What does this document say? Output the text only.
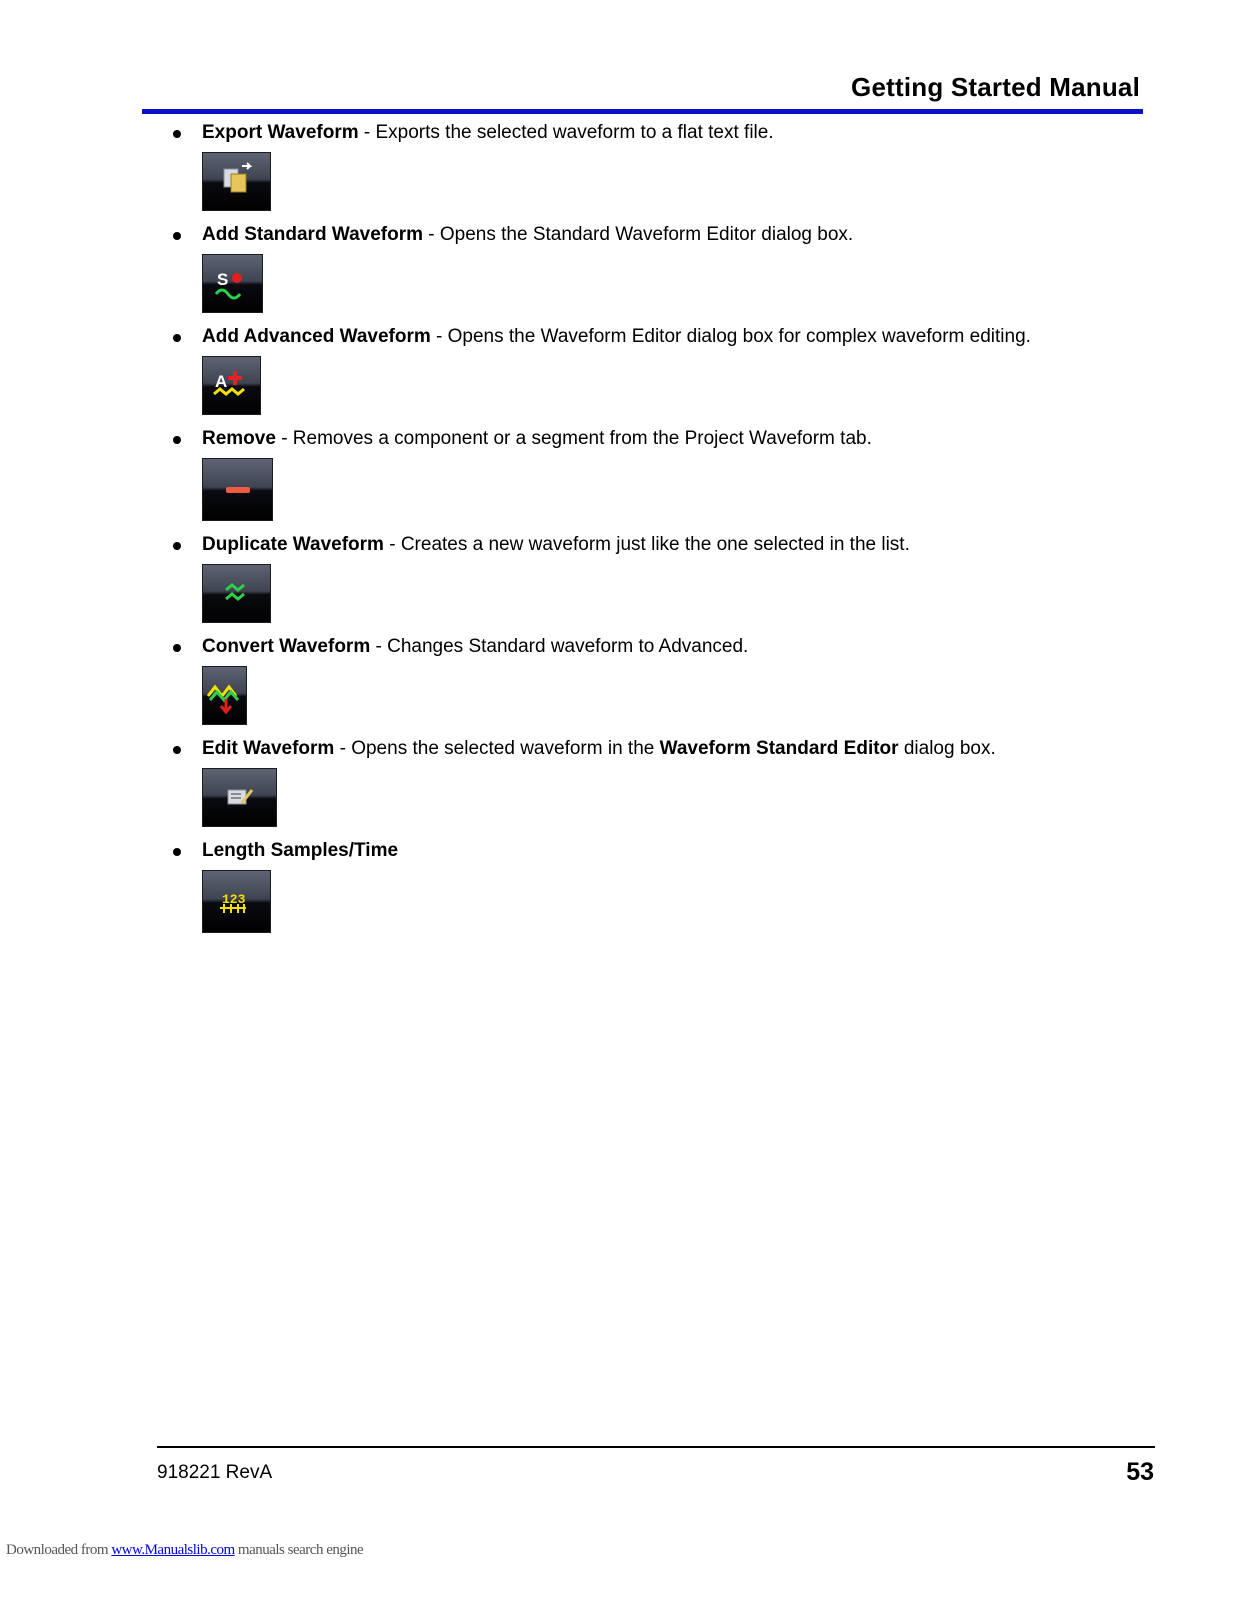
Getting Started Manual
Export Waveform - Exports the selected waveform to a flat text file.
Add Standard Waveform - Opens the Standard Waveform Editor dialog box.
S
Add Advanced Waveform - Opens the Waveform Editor dialog box for complex waveform editing.
A
Remove - Removes a component or a segment from the Project Waveform tab.
Duplicate Waveform - Creates a new waveform just like the one selected in the list.
Convert Waveform - Changes Standard waveform to Advanced.
Edit Waveform - Opens the selected waveform in the Waveform Standard Editor dialog box.
Length Samples/Time
123
918221 RevA	53
Downloaded from www.Manualslib.com manuals search engine
